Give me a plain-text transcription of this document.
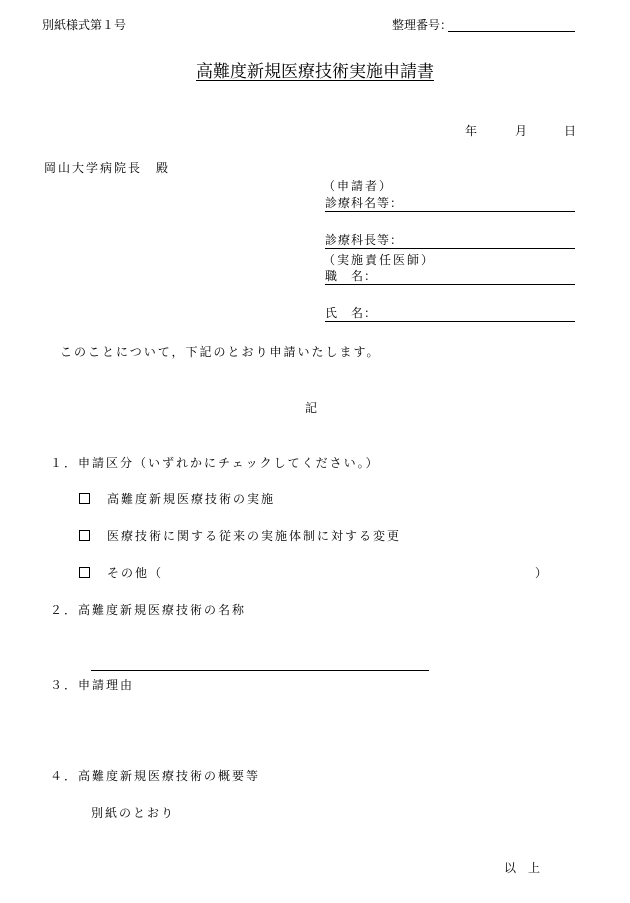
別紙様式第１号	整理番号：
高難度新規医療技術実施申請書
年	月	日
岡山大学病院長　殿
（申請者）
診療科名等：
診療科長等：
（実施責任医師）
職　名：
氏　名：
このことについて，下記のとおり申請いたします。
記
１．申請区分（いずれかにチェックしてください。）
高難度新規医療技術の実施
医療技術に関する従来の実施体制に対する変更
その他（	）
２．高難度新規医療技術の名称
３．申請理由
４．高難度新規医療技術の概要等
別紙のとおり
以　上
